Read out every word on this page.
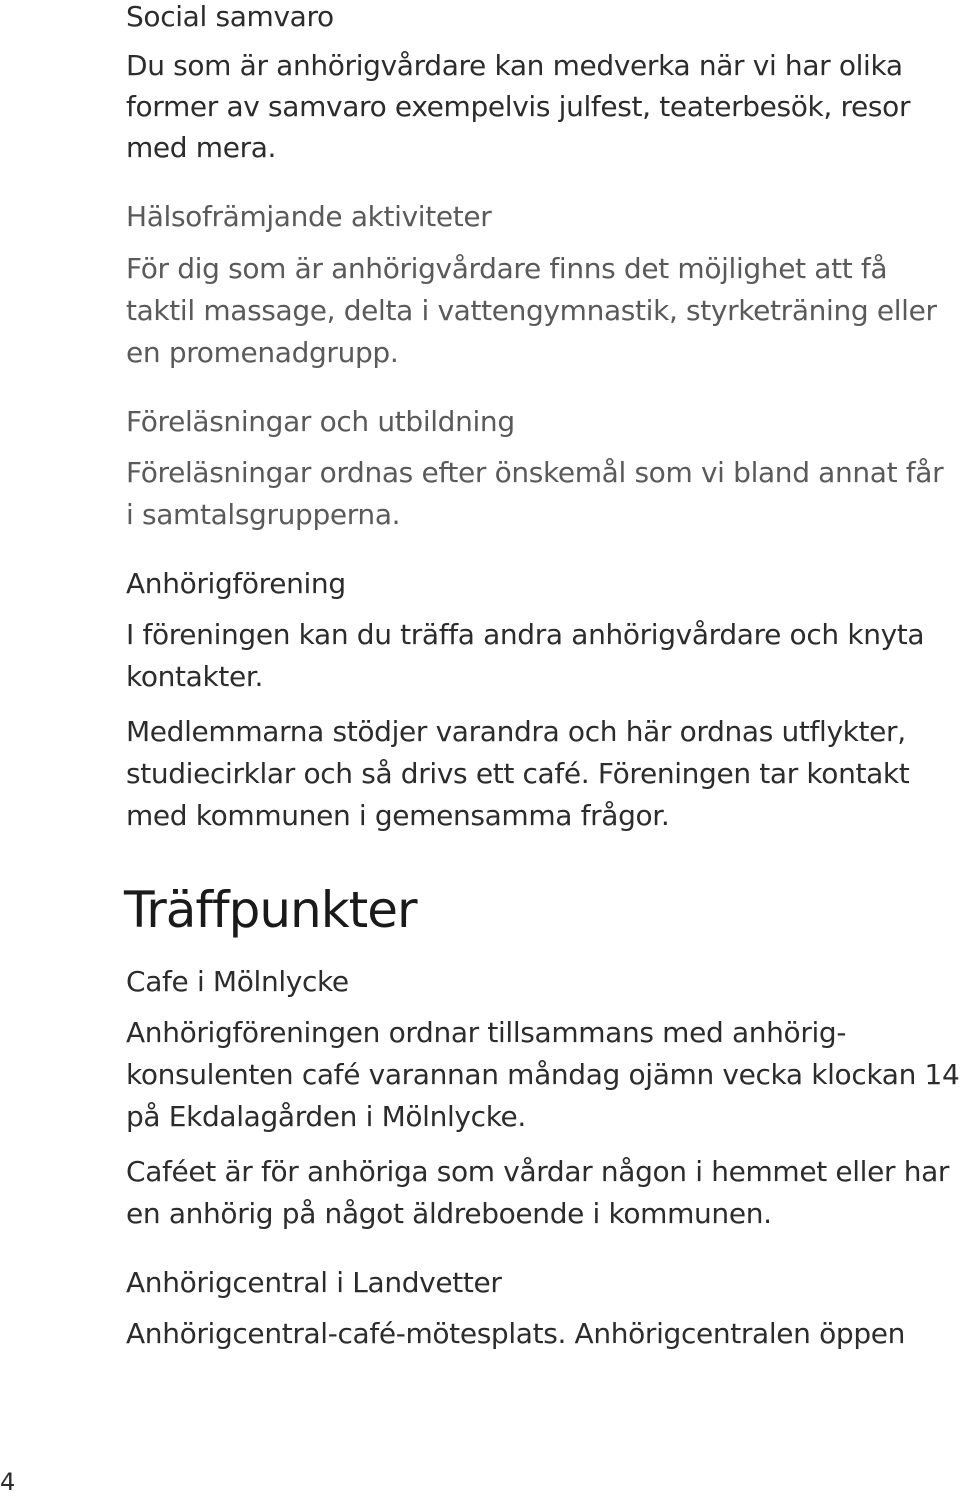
Social samvaro
Du som är anhörigvårdare kan medverka när vi har olika
former av samvaro exempelvis julfest, teaterbesök, resor
med mera.
Hälsofrämjande aktiviteter
För dig som är anhörigvårdare finns det möjlighet att få
taktil massage, delta i vattengymnastik, styrketräning eller
en promenadgrupp.
Föreläsningar och utbildning
Föreläsningar ordnas efter önskemål som vi bland annat får
i samtalsgrupperna.
Anhörigförening
I föreningen kan du träffa andra anhörigvårdare och knyta
kontakter.
Medlemmarna stödjer varandra och här ordnas utflykter,
studiecirklar och så drivs ett café. Föreningen tar kontakt
med kommunen i gemensamma frågor.
Träffpunkter
Cafe i Mölnlycke
Anhörigföreningen ordnar tillsammans med anhörig-
konsulenten café varannan måndag ojämn vecka klockan 14
på Ekdalagården i Mölnlycke.
Caféet är för anhöriga som vårdar någon i hemmet eller har
en anhörig på något äldreboende i kommunen.
Anhörigcentral i Landvetter
Anhörigcentral-café-mötesplats. Anhörigcentralen öppen
4
